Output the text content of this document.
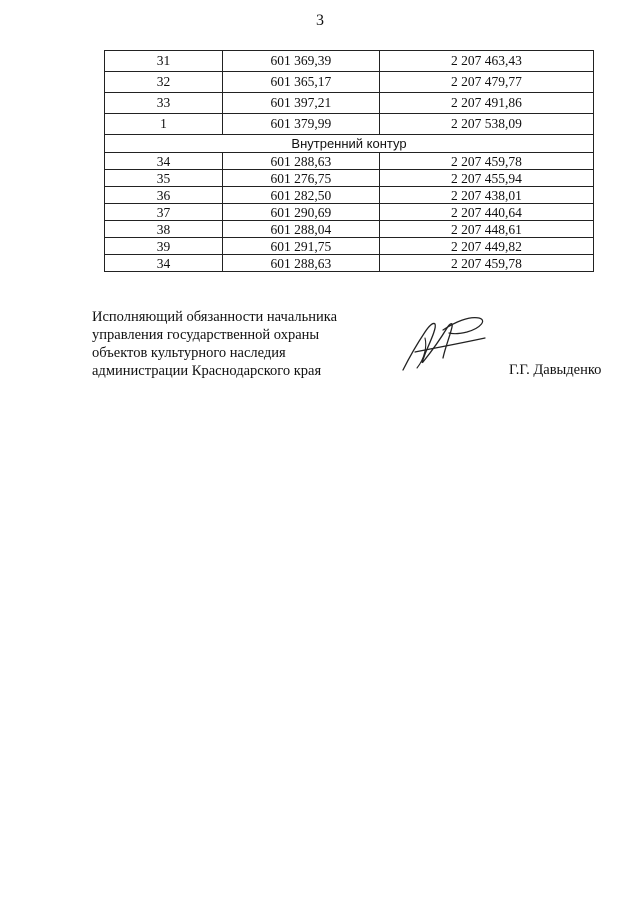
3
31	601 369,39	2 207 463,43
32	601 365,17	2 207 479,77
33	601 397,21	2 207 491,86
1	601 379,99	2 207 538,09
Внутренний контур		
34	601 288,63	2 207 459,78
35	601 276,75	2 207 455,94
36	601 282,50	2 207 438,01
37	601 290,69	2 207 440,64
38	601 288,04	2 207 448,61
39	601 291,75	2 207 449,82
34	601 288,63	2 207 459,78
Исполняющий обязанности начальника
управления государственной охраны
объектов культурного наследия
администрации Краснодарского края	Г.Г. Давыденко
